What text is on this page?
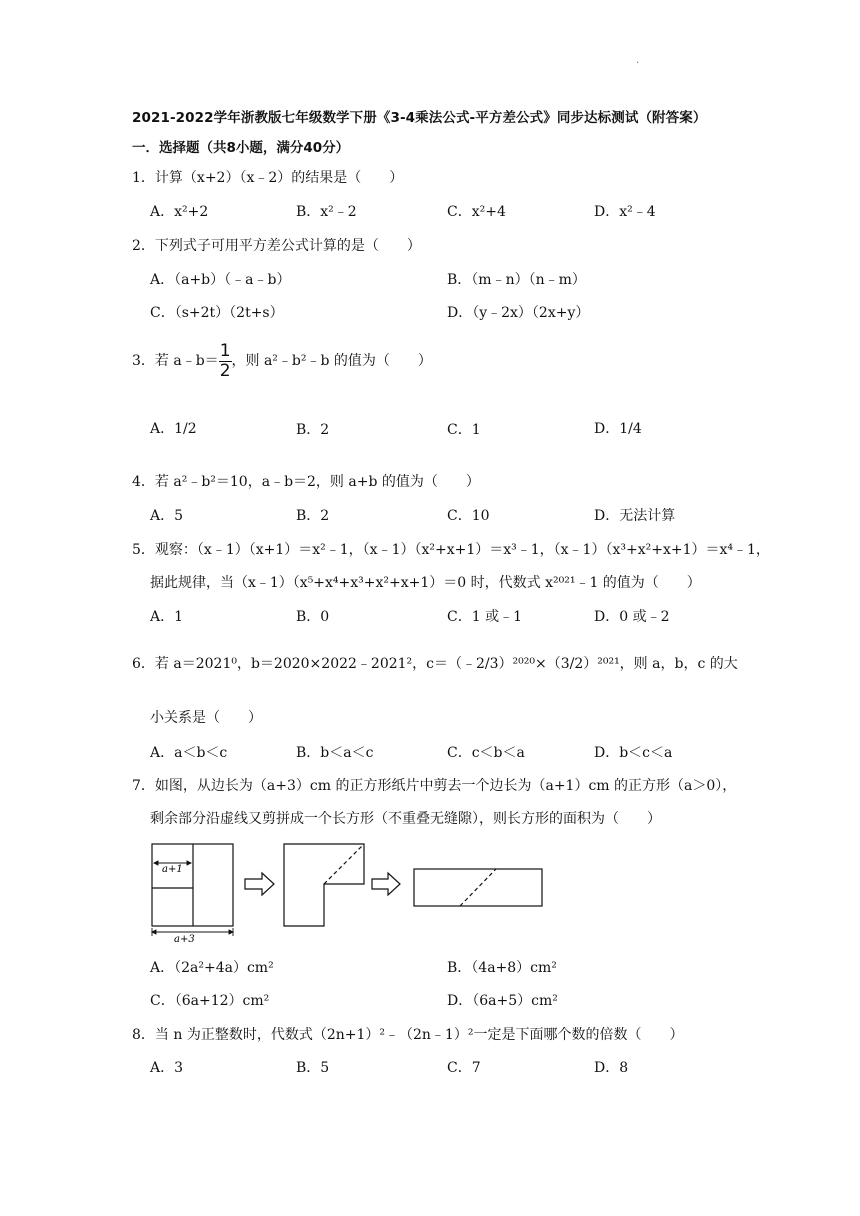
·
2021-2022学年浙教版七年级数学下册《3-4乘法公式-平方差公式》同步达标测试（附答案）
一．选择题（共8小题，满分40分）
1．计算（x+2）（x﹣2）的结果是（　　）
A．x²+2	B．x²﹣2	C．x²+4	D．x²﹣4
2．下列式子可用平方差公式计算的是（　　）
A．（a+b）（﹣a﹣b）	B．（m﹣n）（n﹣m）
C．（s+2t）（2t+s）	D．（y﹣2x）（2x+y）
3．若 a﹣b＝ $\frac{1}{2}$ ，则 a²﹣b²﹣b 的值为（　　）
A．1/2	B．2	C．1	D．1/4
4．若 a²﹣b²＝10，a﹣b＝2，则 a+b 的值为（　　）
A．5	B．2	C．10	D．无法计算
5．观察：（x﹣1）（x+1）＝x²﹣1，（x﹣1）（x²+x+1）＝x³﹣1，（x﹣1）（x³+x²+x+1）＝x⁴﹣1，
据此规律，当（x﹣1）（x⁵+x⁴+x³+x²+x+1）＝0 时，代数式 x²⁰²¹﹣1 的值为（　　）
A．1	B．0	C．1 或﹣1	D．0 或﹣2
6．若 a＝2021⁰，b＝2020×2022﹣2021²，c＝（﹣2/3）²⁰²⁰×（3/2）²⁰²¹，则 a，b，c 的大
小关系是（　　）
A．a＜b＜c	B．b＜a＜c	C．c＜b＜a	D．b＜c＜a
7．如图，从边长为（a+3）cm 的正方形纸片中剪去一个边长为（a+1）cm 的正方形（a＞0），
剩余部分沿虚线又剪拼成一个长方形（不重叠无缝隙），则长方形的面积为（　　）
a+1
a+3
A．（2a²+4a）cm²	B．（4a+8）cm²
C．（6a+12）cm²	D．（6a+5）cm²
8．当 n 为正整数时，代数式（2n+1）²﹣（2n﹣1）²一定是下面哪个数的倍数（　　）
A．3	B．5	C．7	D．8
